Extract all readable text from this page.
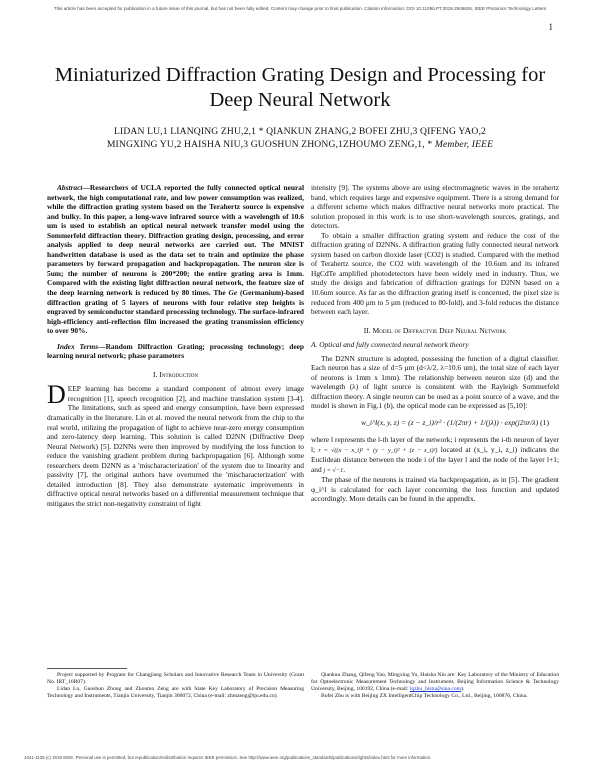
This article has been accepted for publication in a future issue of this journal, but has not been fully edited. Content may change prior to final publication. Citation information: DOI 10.1109/LPT.2019.2946626, IEEE Photonics Technology Letters
1
Miniaturized Diffraction Grating Design and Processing for Deep Neural Network
LIDAN LU,1 LIANQING ZHU,2,1 * QIANKUN ZHANG,2 BOFEI ZHU,3 QIFENG YAO,2
MINGXING YU,2 HAISHA NIU,3 GUOSHUN ZHONG,1ZHOUMO ZENG,1, * Member, IEEE

Abstract—Researchers of UCLA reported the fully connected optical neural network, the high computational rate, and low power consumption was realized, while the diffraction grating system based on the Terahertz source is expensive and bulky. In this paper, a long-wave infrared source with a wavelength of 10.6 um is used to establish an optical neural network transfer model using the Sommerfeld diffraction theory. Diffraction grating design, processing, and error analysis applied to deep neural networks are carried out. The MNIST handwritten database is used as the data set to train and optimize the phase parameters by forward propagation and backpropagation. The neuron size is 5um; the number of neurons is 200*200; the entire grating area is 1mm. Compared with the existing light diffraction neural network, the feature size of the deep learning network is reduced by 80 times. The Ge (Germanium)-based diffraction grating of 5 layers of neurons with four relative step heights is engraved by semiconductor standard processing technology. The surface-infrared high-efficiency anti-reflection film increased the grating transmission efficiency to over 90%.

Index Terms—Random Diffraction Grating; processing technology; deep learning neural network; phase parameters

I. Introduction

DEEP learning has become a standard component of almost every image recognition [1], speech recognition [2], and machine translation system [3-4]. The limitations, such as speed and energy consumption, have been expressed dramatically in the literature. Lin et al. moved the neural network from the chip to the real world, utilizing the propagation of light to achieve near-zero energy consumption and zero-latency deep learning. This solution is called D2NN (Diffractive Deep Neural Network) [5]. D2NNs were then improved by modifying the loss function to reduce the vanishing gradient problem during backpropagation [6]. Although some researchers deem D2NN as a 'mischaracterization' of the system due to linearity and passivity [7], the original authors have overturned the 'mischaracterization' with detailed introduction [8]. They also demonstrate systematic improvements in diffractive optical neural networks based on a differential measurement technique that mitigates the strict non-negativity constraint of light

intensity [9]. The systems above are using electromagnetic waves in the terahertz band, which requires large and expensive equipment. There is a strong demand for a different scheme which makes diffractive neural networks more practical. The solution proposed in this work is to use short-wavelength sources, gratings, and detectors.

To obtain a smaller diffraction grating system and reduce the cost of the diffraction grating of D2NNs. A diffraction grating fully connected neural network system based on carbon dioxide laser (CO2) is studied. Compared with the method of Terahertz source, the CO2 with wavelength of the 10.6um and its infrared HgCdTe amplified photodetectors have been widely used in industry. Thus, we study the design and fabrication of diffraction gratings for D2NN based on a 10.6um source. As far as the diffraction grating itself is concerned, the pixel size is reduced from 400 μm to 5 μm (reduced to 80-fold), and 3-fold reduces the distance between each layer.

II. Model of Diffractvie Deep Neural Network

A. Optical and fully connected neural network theory

The D2NN structure is adopted, possessing the function of a digital classifier. Each neuron has a size of d=5 μm (d<λ/2, λ=10.6 um), the total size of each layer of neurons is 1mm x 1mm). The relationship between neuron size (d) and the wavelength (λ) of light source is consistent with the Rayleigh Sommerfeld diffraction theory. A single neuron can be used as a point source of a wave, and the model is shown in Fig.1 (b), the optical mode can be expressed as [5,10]:

w_i^l(x, y, z) = (z − z_i)/r² · (1/(2πr) + 1/(jλ)) · exp(j2πr/λ) (1)

where l represents the l-th layer of the network; i represents the i-th neuron of layer l; r = √((x − x_i)² + (y − y_i)² + (z − z_i)²) located at (x_i, y_i, z_i) indicates the Euclidean distance between the node i of the layer l and the node of the layer l+1; and j = √−1.

The phase of the neurons is trained via backpropagation, as in [5]. The gradient φ_i^l is calculated for each layer concerning the loss function and updated accordingly. More details can be found in the appendix.

Project supported by Program for Changjiang Scholars and Innovative Research Team in University (Grant No. IRT_16R07).

Lidan Lu, Guoshun Zhong and Zhoumo Zeng are with State Key Laboratory of Precision Measuring Technology and Instruments, Tianjin University, Tianjin 300072, China (e-mail: zhmzeng@tju.edu.cn).

Qiankun Zhang, Qifeng Yao, Mingxing Yu, Haisha Niu are: Key Laboratory of the Ministry of Education for Optoelectronic Measurement Technology and Instrument, Beijing Information Science & Technology University, Beijing, 100192, China (e-mail: lqzhu_bistu@sina.com).

Bofei Zhu is with Beijing ZX IntelligentChip Technology Co., Ltd., Beijing, 100876, China.

1041-1135 (c) 2019 IEEE. Personal use is permitted, but republication/redistribution requires IEEE permission. See http://www.ieee.org/publications_standards/publications/rights/index.html for more information.
